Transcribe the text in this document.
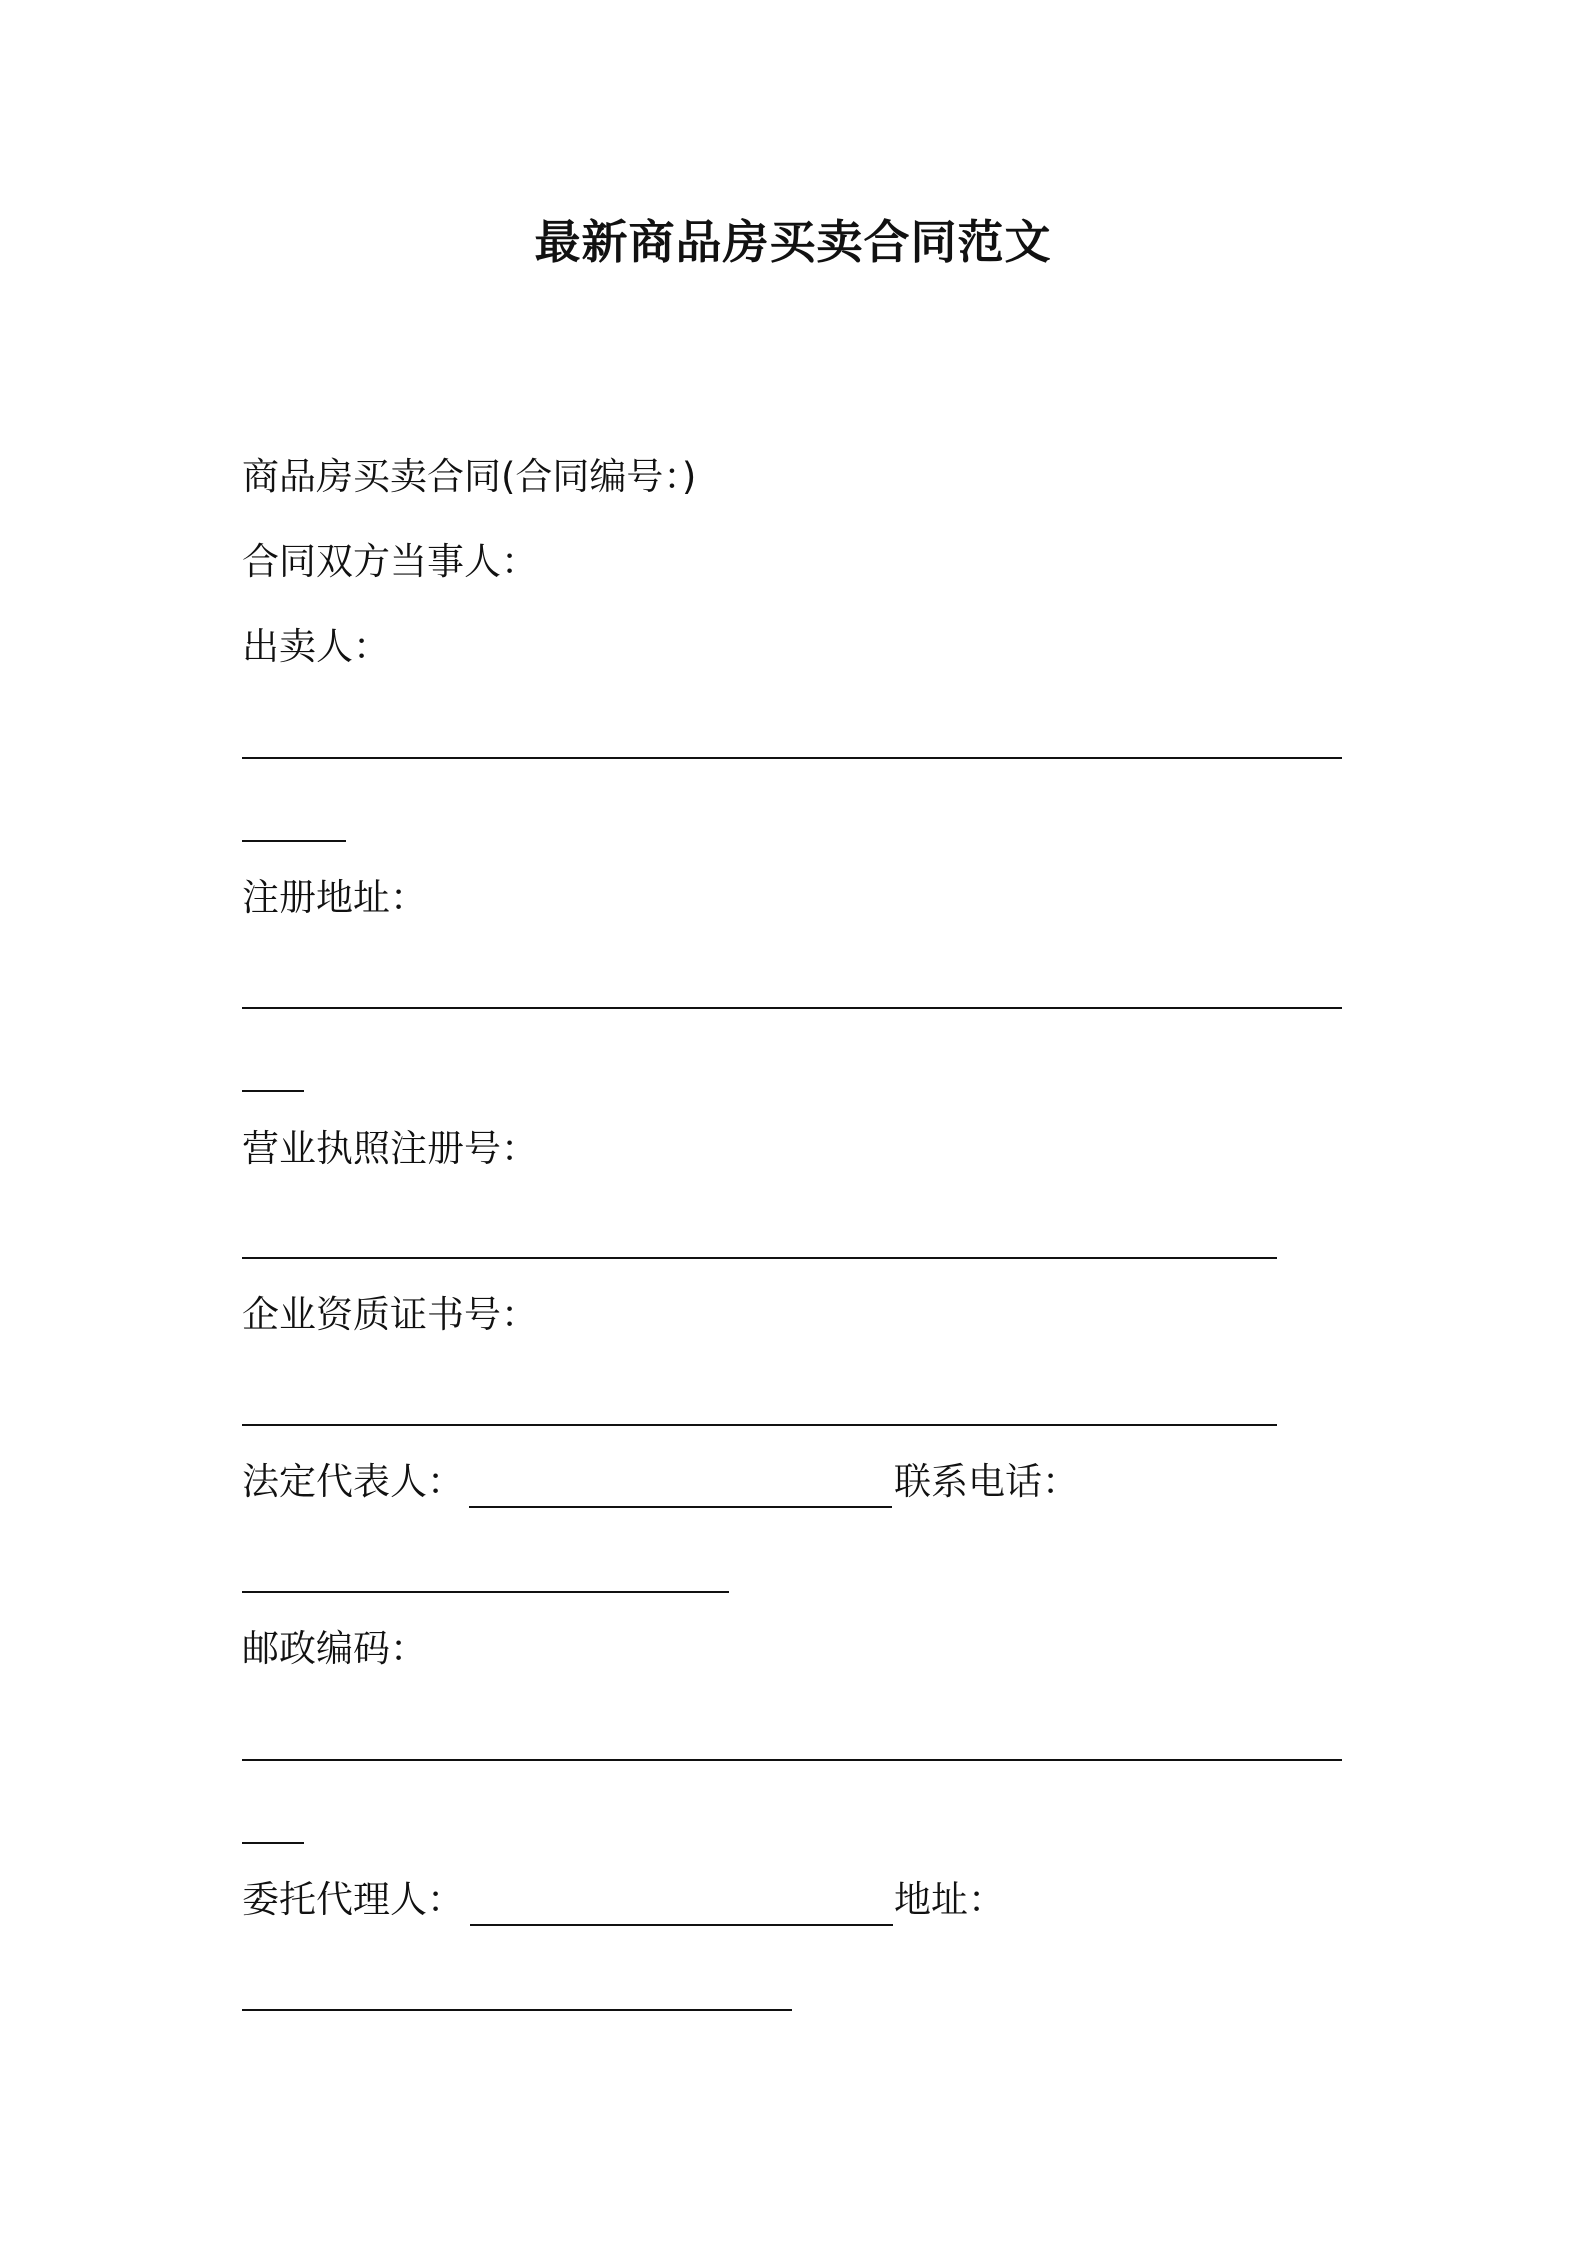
最新商品房买卖合同范文
商品房买卖合同(合同编号：)
合同双方当事人：
出卖人：
注册地址：
营业执照注册号：
企业资质证书号：
法定代表人：	联系电话：
邮政编码：
委托代理人：	地址：
